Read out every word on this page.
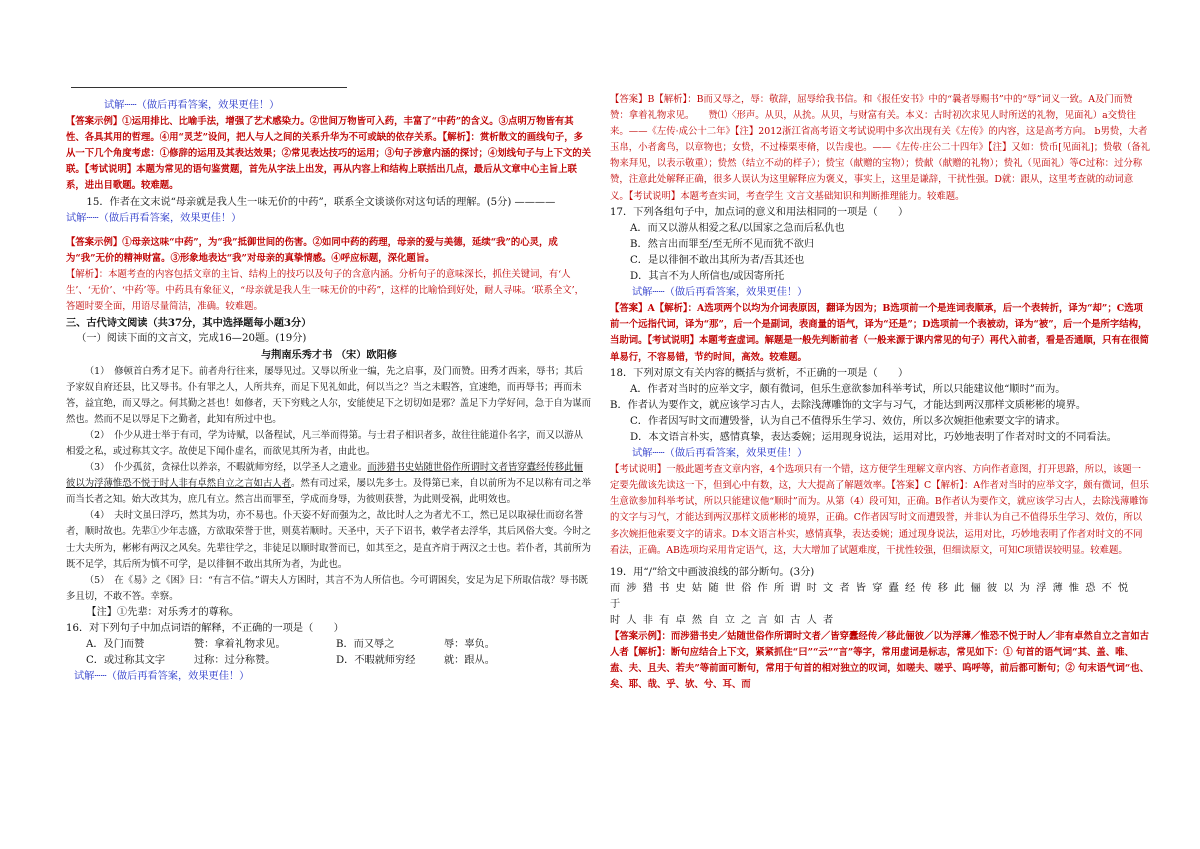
试解┄┄（做后再看答案，效果更佳！）

【答案示例】①运用排比、比喻手法，增强了艺术感染力。②世间万物皆可入药，丰富了“中药”的含义。③点明万物皆有其性、各具其用的哲理。④用“灵芝”设问，把人与人之间的关系升华为不可或缺的依存关系。【解析】：赏析散文的画线句子，多从一下几个角度考虑：①修辞的运用及其表达效果；②常见表达技巧的运用；③句子涉意内涵的探讨；④划线句子与上下文的关联。【考试说明】本题为常见的语句鉴赏题，首先从字法上出发，再从内容上和结构上联括出几点，最后从文章中心主旨上联系，进出目歌题。较难题。

15．作者在文末说“母亲就是我人生一味无价的中药”，联系全文谈谈你对这句话的理解。(5分) ————

试解┄┄（做后再看答案，效果更佳！）

【答案示例】①母亲这味“中药”，为“我”抵御世间的伤害。②如同中药的药理，母亲的爱与美德，延续“我”的心灵，成为“我”无价的精神财富。③形象地表达“我”对母亲的真挚情感。④呼应标题，深化题旨。

【解析】：本题考查的内容包括文章的主旨、结构上的技巧以及句子的含意内涵。分析句子的意味深长，抓住关键词，有‘人生’、‘无价’、‘中药’等。中药具有象征义，“母亲就是我人生一味无价的中药”，这样的比喻恰到好处，耐人寻味。‘联系全文’，答题时要全面，用语尽量简洁，准确。较难题。

三、古代诗文阅读（共37分，其中选择题每小题3分）

（一）阅读下面的文言文，完成16—20题。(19分)

与荆南乐秀才书 （宋）欧阳修

（1）　修顿首白秀才足下。前者舟行往来，屡辱见过。又辱以所业一编，先之启事，及门而赞。田秀才西来，辱书；其后予家奴自府还县，比又辱书。仆有罪之人，人所共弃，而足下见礼如此，何以当之？当之未暇答，宜速绝，而再辱书；再而未答，益宜绝，而又辱之。何其勤之甚也！如修者，天下穷贱之人尔，安能使足下之切切如是邪？盖足下力学好问，急于自为谋而然也。然而不足以辱足下之勤者，此知有所过中也。

（2）　仆少从进士举于有司，学为诗赋，以备程试，凡三举而得第。与士君子相识者多，故往往能道仆名字，而又以游从相爱之私，或过称其文字。故使足下闻仆虚名，而欲见其所为者，由此也。

（3）　仆少孤贫，贪禄仕以养亲，不暇就师穷经，以学圣人之遗业。而涉猎书史姑随世俗作所谓时文者皆穿蠹经传移此俪彼以为浮薄惟恐不悦于时人非有卓然自立之言如古人者。然有司过采，屡以先多士。及得第已来，自以前所为不足以称有司之举而当长者之知。始大改其为，庶几有立。然言出而罪至，学成而身辱，为彼则获誉，为此则受祸，此明效也。

（4）　夫时文虽曰浮巧，然其为功，亦不易也。仆天姿不好而强为之，故比时人之为者尤不工，然已足以取禄仕而窃名誉者，顺时故也。先辈①少年志盛，方欲取荣誉于世，则莫若顺时。天圣中，天子下诏书，敕学者去浮华，其后风俗大变。今时之士大夫所为，彬彬有两汉之风矣。先辈往学之，非徒足以顺时取誉而已，如其至之，是直齐肩于两汉之士也。若仆者，其前所为既不足学，其后所为慎不可学，是以徘徊不敢出其所为者，为此也。

（5）　在《易》之《困》曰：“有言不信。”谓夫人方困时，其言不为人所信也。今可谓困矣，安足为足下所取信哉？辱书既多且切，不敢不答。幸察。

【注】①先辈：对乐秀才的尊称。

16．对下列句子中加点词语的解释，不正确的一项是（　　）

A．及门而赞	赞：拿着礼物求见。	B．而又辱之	辱：辜负。
C．或过称其文字	过称：过分称赞。	D．不暇就师穷经	就：跟从。

试解┄┄（做后再看答案，效果更佳！）

【答案】B【解析】：B而又辱之，辱：敬辞，屈辱给我书信。和《报任安书》中的“曩者辱赐书”中的“辱”词义一致。A及门而赞　　赞：拿着礼物求见。　　赞⑴〈形声。从贝，从抁。从贝，与财富有关。本义：古时初次求见人时所送的礼物，见面礼）a交贽往来。——《左传·成公十二年》【注】2012浙江省高考语文考试说明中多次出现有关《左传》的内容，这是高考方向。 b男贽，大者玉帛，小者禽鸟，以章物也；女贽，不过榛栗枣脩，以告虔也。——《左传·庄公二十四年》【注】又如：贽币[见面礼]；贽敬（备礼物来拜见，以表示敬重）；贽然（结立不动的样子）；贽宝（献赠的宝物）；贽献（献赠的礼物）；贽礼（见面礼）等C过称：过分称赞，注意此处解释正确，很多人误认为这里解释应为褒义，事实上，这里是谦辞，干扰性强。D就：跟从，这里考查就的动词意义。【考试说明】本题考查实词，考查学生 文言文基础知识和判断推理能力。较难题。

17．下列各组句子中，加点词的意义和用法相同的一项是（　　）

A．而又以游从相爱之私/以国家之急而后私仇也

B．然言出而罪至/至无所不见而犹不欲归

C．是以徘徊不敢出其所为者/吾其还也

D．其言不为人所信也/或因寄所托

试解┄┄（做后再看答案，效果更佳！）

【答案】A【解析】：A选项两个以均为介词表原因，翻译为因为；B选项前一个是连词表顺承，后一个表转折，译为“却”；C选项前一个远指代词，译为“那”，后一个是副词，表商量的语气，译为“还是”；D选项前一个表被动，译为“被”，后一个是所字结构，当助词。【考试说明】本题考查虚词。解题是一般先判断前者（一般来源于课内常见的句子）再代入前者，看是否通顺，只有在很简单易行，不容易错，节约时间，高效。较难题。

18．下列对原文有关内容的概括与赏析，不正确的一项是（　　）

A．作者对当时的应举文字，颇有微词，但乐生意欲参加科举考试，所以只能建议他“顺时”而为。

B．作者认为要作文，就应该学习古人，去除浅薄雕饰的文字与习气，才能达到两汉那样文质彬彬的境界。

C．作者因写时文而遭毁誉，认为自己不值得乐生学习、效仿，所以多次婉拒他索要文字的请求。

D．本文语言朴实，感情真挚，表达委婉；运用现身说法，运用对比，巧妙地表明了作者对时文的不同看法。

试解┄┄（做后再看答案，效果更佳！）

【考试说明】一般此题考查文章内容，4个选项只有一个错，这方便学生理解文章内容、方向作者意图，打开思路，所以，该题一定要先做该先读这一下，但到心中有数，这，大大提高了解题效率。【答案】C【解析】：A作者对当时的应举文字，颇有微词，但乐生意欲参加科举考试，所以只能建议他“顺时”而为。从第（4）段可知，正确。B作者认为要作文，就应该学习古人，去除浅薄雕饰的文字与习气，才能达到两汉那样文质彬彬的境界，正确。C作者因写时文而遭毁誉，并非认为自己不值得乐生学习、效仿，所以多次婉拒他索要文字的请求。D本文语言朴实，感情真挚，表达委婉；通过现身说法，运用对比，巧妙地表明了作者对时文的不同看法，正确。AB选项均采用肯定语气，这，大大增加了试题难度，干扰性较强，但细读原文，可知C项错误较明显。较难题。

19．用“/”给文中画波浪线的部分断句。(3分)

而涉猎书史姑随世俗作所谓时文者皆穿蠹经传移此俪彼以为浮薄惟恐不悦于

时人非有卓然自立之言如古人者

【答案示例】：而涉猎书史／姑随世俗作所谓时文者／皆穿蠹经传／移此俪彼／以为浮薄／惟恐不悦于时人／非有卓然自立之言如古人者【解析】：断句应结合上下文，紧紧抓住“曰”“云”“言”等字，常用虚词是标志，常见如下：① 句首的语气词“其、盖、唯、盍、夫、且夫、若夫”等前面可断句，常用于句首的相对独立的叹词，如嗟夫、嗟乎、呜呼等，前后都可断句；② 句末语气词“也、矣、耶、哉、乎、欤、兮、耳、而
